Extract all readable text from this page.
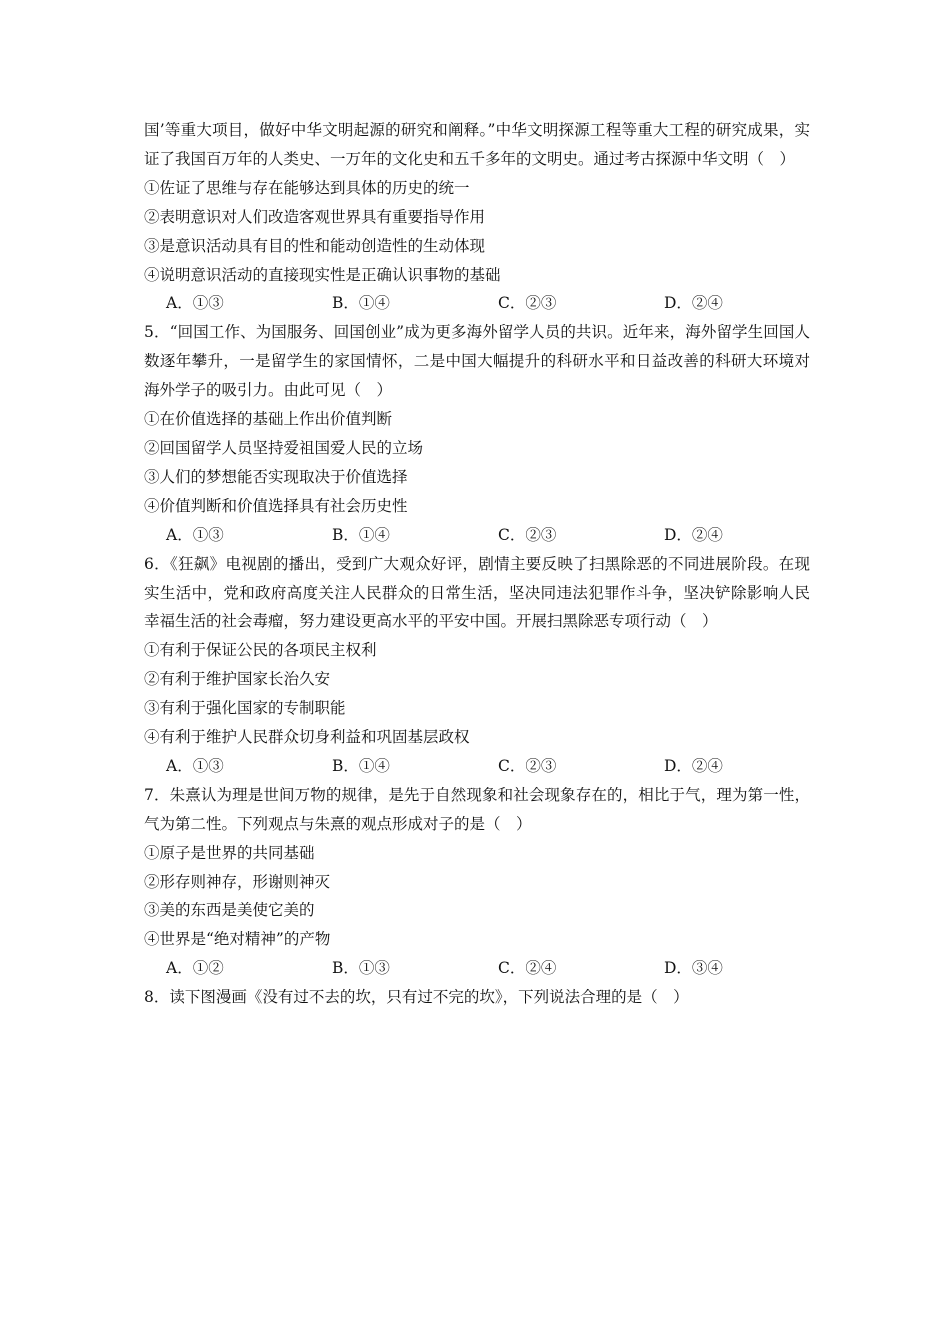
国’等重大项目，做好中华文明起源的研究和阐释。”中华文明探源工程等重大工程的研究成果，实证了我国百万年的人类史、一万年的文化史和五千多年的文明史。通过考古探源中华文明（　）

①佐证了思维与存在能够达到具体的历史的统一

②表明意识对人们改造客观世界具有重要指导作用

③是意识活动具有目的性和能动创造性的生动体现

④说明意识活动的直接现实性是正确认识事物的基础

A．①③	B．①④	C．②③	D．②④

5．“回国工作、为国服务、回国创业”成为更多海外留学人员的共识。近年来，海外留学生回国人数逐年攀升，一是留学生的家国情怀，二是中国大幅提升的科研水平和日益改善的科研大环境对海外学子的吸引力。由此可见（　）

①在价值选择的基础上作出价值判断

②回国留学人员坚持爱祖国爱人民的立场

③人们的梦想能否实现取决于价值选择

④价值判断和价值选择具有社会历史性

A．①③	B．①④	C．②③	D．②④

6．《狂飙》电视剧的播出，受到广大观众好评，剧情主要反映了扫黑除恶的不同进展阶段。在现实生活中，党和政府高度关注人民群众的日常生活，坚决同违法犯罪作斗争，坚决铲除影响人民幸福生活的社会毒瘤，努力建设更高水平的平安中国。开展扫黑除恶专项行动（　）

①有利于保证公民的各项民主权利

②有利于维护国家长治久安

③有利于强化国家的专制职能

④有利于维护人民群众切身利益和巩固基层政权

A．①③	B．①④	C．②③	D．②④

7．朱熹认为理是世间万物的规律，是先于自然现象和社会现象存在的，相比于气，理为第一性，气为第二性。下列观点与朱熹的观点形成对子的是（　）

①原子是世界的共同基础

②形存则神存，形谢则神灭

③美的东西是美使它美的

④世界是“绝对精神”的产物

A．①②	B．①③	C．②④	D．③④

8．读下图漫画《没有过不去的坎，只有过不完的坎》，下列说法合理的是（　）
